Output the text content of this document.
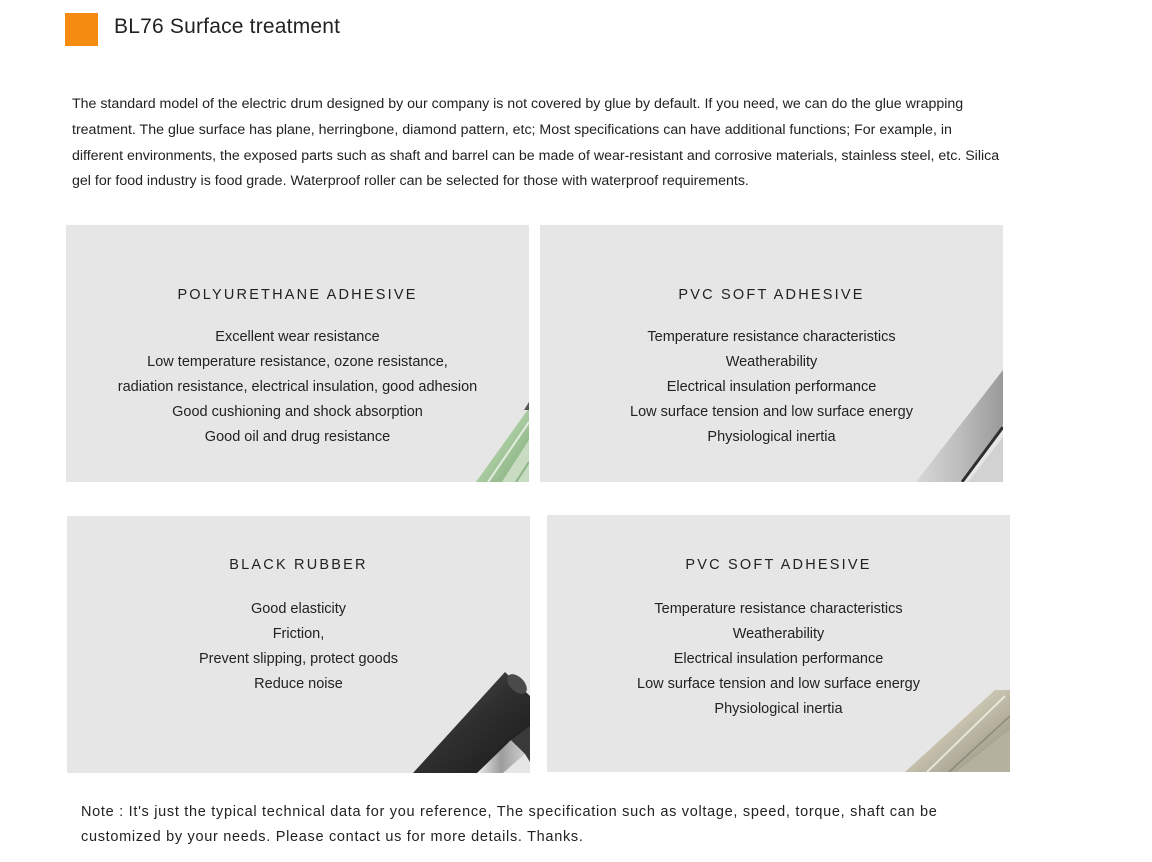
BL76 Surface treatment

The standard model of the electric drum designed by our company is not covered by glue by default. If you need, we can do the glue wrapping treatment. The glue surface has plane, herringbone, diamond pattern, etc; Most specifications can have additional functions; For example, in different environments, the exposed parts such as shaft and barrel can be made of wear-resistant and corrosive materials, stainless steel, etc. Silica gel for food industry is food grade. Waterproof roller can be selected for those with waterproof requirements.

POLYURETHANE ADHESIVE
Excellent wear resistance
Low temperature resistance, ozone resistance,
radiation resistance, electrical insulation, good adhesion
Good cushioning and shock absorption
Good oil and drug resistance
PVC SOFT ADHESIVE
Temperature resistance characteristics
Weatherability
Electrical insulation performance
Low surface tension and low surface energy
Physiological inertia
BLACK RUBBER
Good elasticity
Friction,
Prevent slipping, protect goods
Reduce noise
PVC SOFT ADHESIVE
Temperature resistance characteristics
Weatherability
Electrical insulation performance
Low surface tension and low surface energy
Physiological inertia
Note : It's just the typical technical data for you reference, The specification such as voltage, speed, torque, shaft can be
customized by your needs. Please contact us for more details. Thanks.
